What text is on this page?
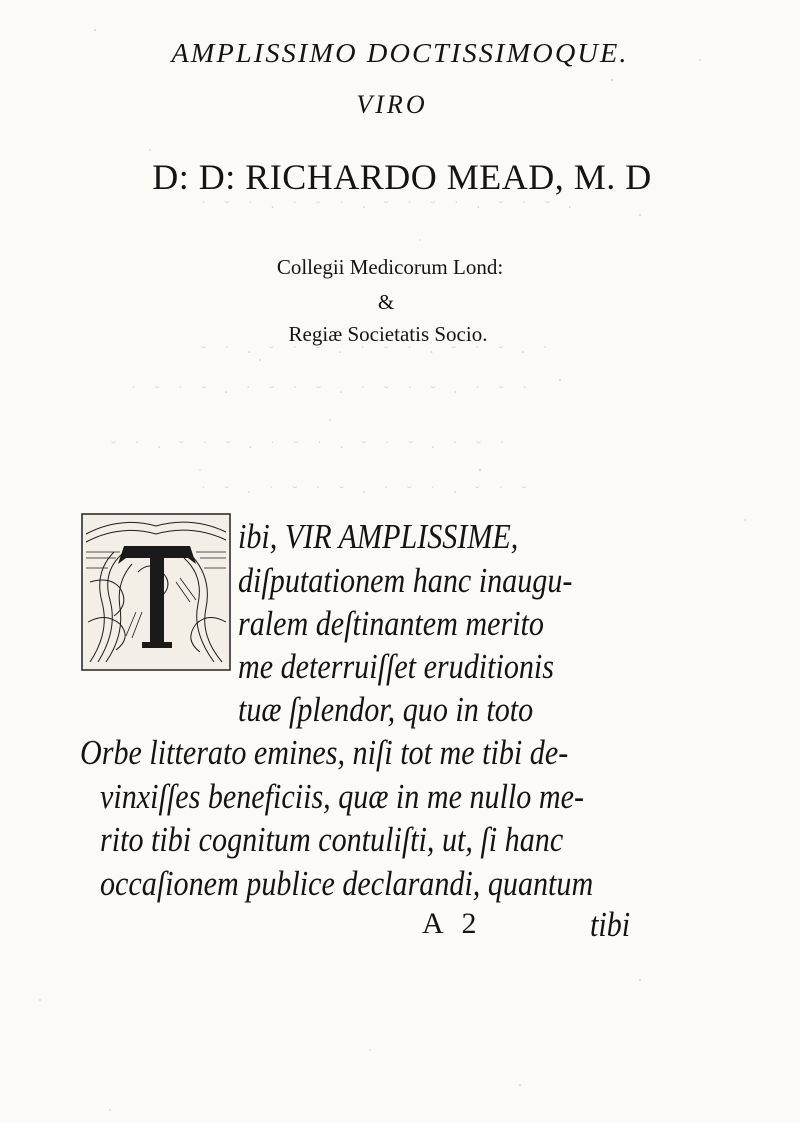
˙ ˘ ˙ · ˙ ˘ ˙ · ˘ ˙ ˘ ˙ · ˘ ˙ ˘ ·
˘ ˙ · ˘ ˙ ˘ · ˙ ˘ ˙ · ˘ ˙ ˘ · ˙
˙ ˘ ˙ ˘ · ˙ ˘ ˙ ˘ · ˙ ˘ ˙ ˘ · ˙ ˘ ˙
˘ ˙ · ˘ ˙ ˘ · ˙ ˘ ˙ · ˘ ˙ ˘ · ˙ ˘ ˙
˙ ˘ · ˙ ˘ ˙ ˘ · ˙ ˘ ˙ · ˘ ˙ ˘
AMPLISSIMO DOCTISSIMOQUE.
VIRO
D: D: RICHARDO MEAD, M. D
Collegii Medicorum Lond:
&
Regiæ Societatis Socio.
ibi, VIR AMPLISSIME,
diſputationem hanc inaugu-
ralem deſtinantem merito
me deterruiſſet eruditionis
tuæ ſplendor, quo in toto
Orbe litterato emines, niſi tot me tibi de-
vinxiſſes beneficiis, quæ in me nullo me-
rito tibi cognitum contuliſti, ut, ſi hanc
occaſionem publice declarandi, quantum
A 2	tibi
